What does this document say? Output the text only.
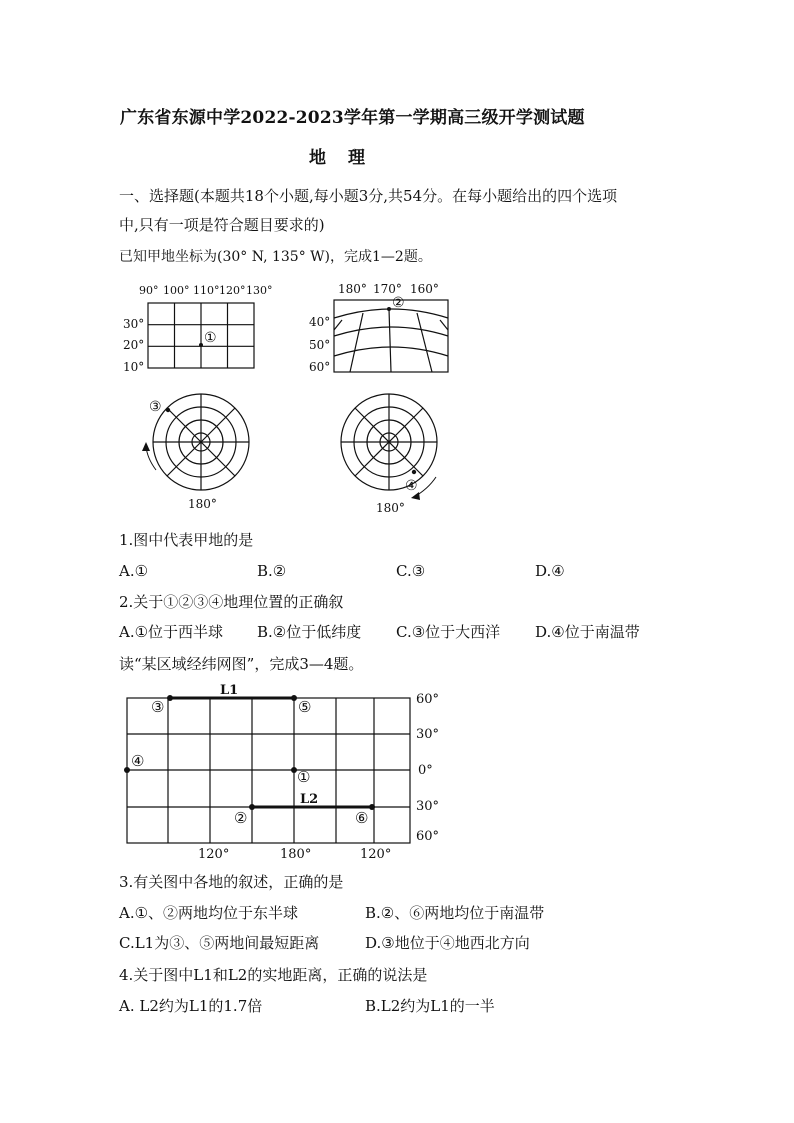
广东省东源中学2022-2023学年第一学期高三级开学测试题
地理
一、选择题(本题共18个小题,每小题3分,共54分。在每小题给出的四个选项
中,只有一项是符合题目要求的)
已知甲地坐标为(30° N, 135° W)，完成1—2题。
90° 100° 110° 120° 130°
30°
20°
10°
①
180° 170° 160°
40°
50°
60°
②
③
180°
④
180°
1.图中代表甲地的是
A.①	B.②	C.③	D.④
2.关于①②③④地理位置的正确叙
A.①位于西半球 B.②位于低纬度 C.③位于大西洋 D.④位于南温带
读“某区域经纬网图”，完成3—4题。
L1
L2
③	⑤
④
①
②	⑥
60°
30°
0°
30°
60°
120°	180°	120°
3.有关图中各地的叙述，正确的是
A.①、②两地均位于东半球	B.②、⑥两地均位于南温带
C.L1为③、⑤两地间最短距离	D.③地位于④地西北方向
4.关于图中L1和L2的实地距离，正确的说法是
A. L2约为L1的1.7倍	B.L2约为L1的一半
